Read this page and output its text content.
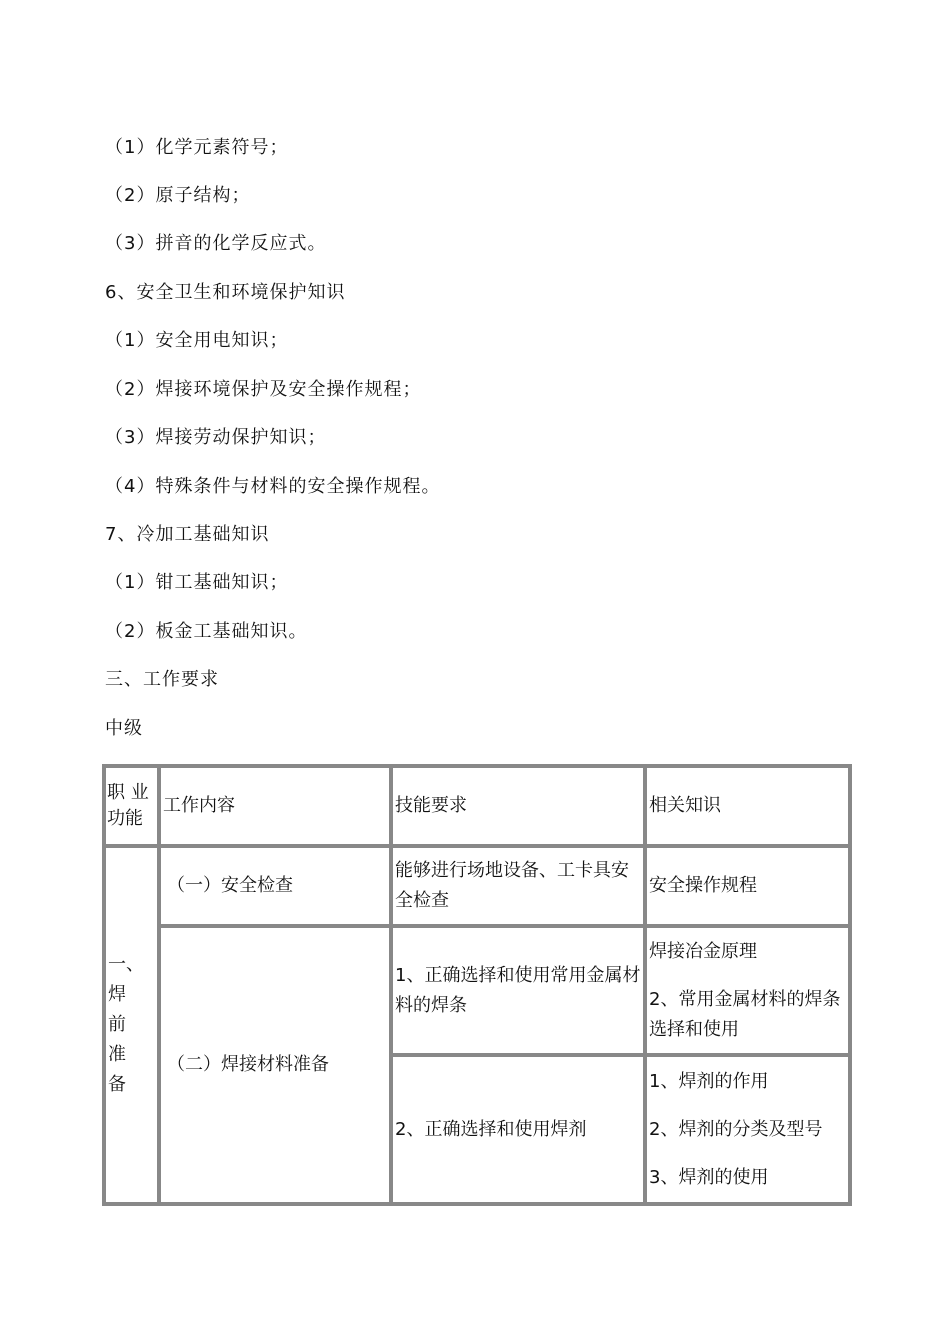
（1）化学元素符号；
（2）原子结构；
（3）拼音的化学反应式。
6、安全卫生和环境保护知识
（1）安全用电知识；
（2）焊接环境保护及安全操作规程；
（3）焊接劳动保护知识；
（4）特殊条件与材料的安全操作规程。
7、冷加工基础知识
（1）钳工基础知识；
（2）板金工基础知识。
三、工作要求
中级
职 业功能	工作内容	技能要求	相关知识

一、
焊
前
准
备	（一）安全检查	能够进行场地设备、工卡具安全检查	安全操作规程
	（二）焊接材料准备	1、正确选择和使用常用金属材料的焊条	焊接冶金原理

2、常用金属材料的焊条选择和使用

		2、正确选择和使用焊剂	1、焊剂的作用

2、焊剂的分类及型号

3、焊剂的使用
